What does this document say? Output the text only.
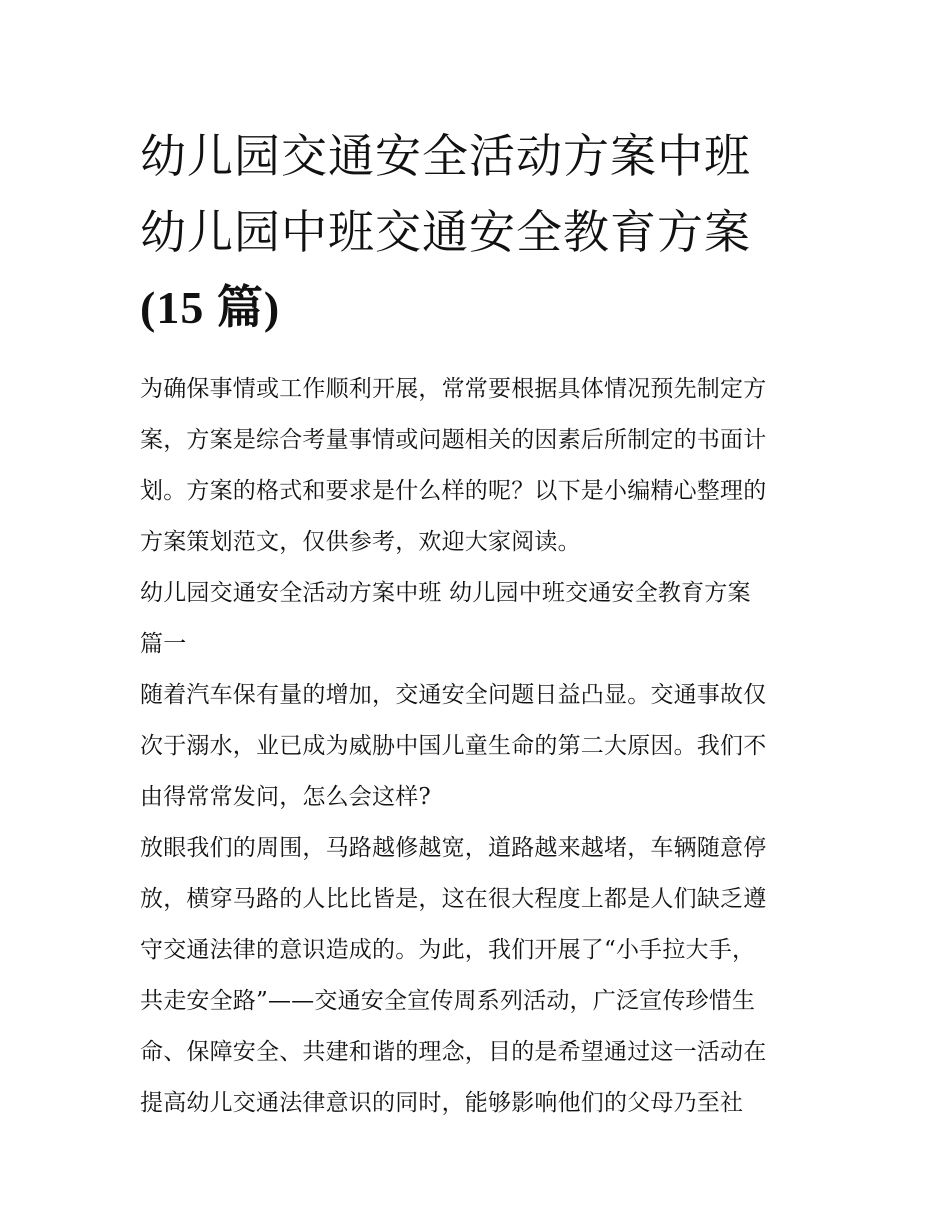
幼儿园交通安全活动方案中班
幼儿园中班交通安全教育方案
(15 篇)

为确保事情或工作顺利开展，常常要根据具体情况预先制定方
案，方案是综合考量事情或问题相关的因素后所制定的书面计
划。方案的格式和要求是什么样的呢？以下是小编精心整理的
方案策划范文，仅供参考，欢迎大家阅读。

幼儿园交通安全活动方案中班 幼儿园中班交通安全教育方案
篇一

随着汽车保有量的增加，交通安全问题日益凸显。交通事故仅
次于溺水，业已成为威胁中国儿童生命的第二大原因。我们不
由得常常发问，怎么会这样?

放眼我们的周围，马路越修越宽，道路越来越堵，车辆随意停
放，横穿马路的人比比皆是，这在很大程度上都是人们缺乏遵
守交通法律的意识造成的。为此，我们开展了“小手拉大手，
共走安全路”——交通安全宣传周系列活动，广泛宣传珍惜生
命、保障安全、共建和谐的理念，目的是希望通过这一活动在
提高幼儿交通法律意识的同时，能够影响他们的父母乃至社
